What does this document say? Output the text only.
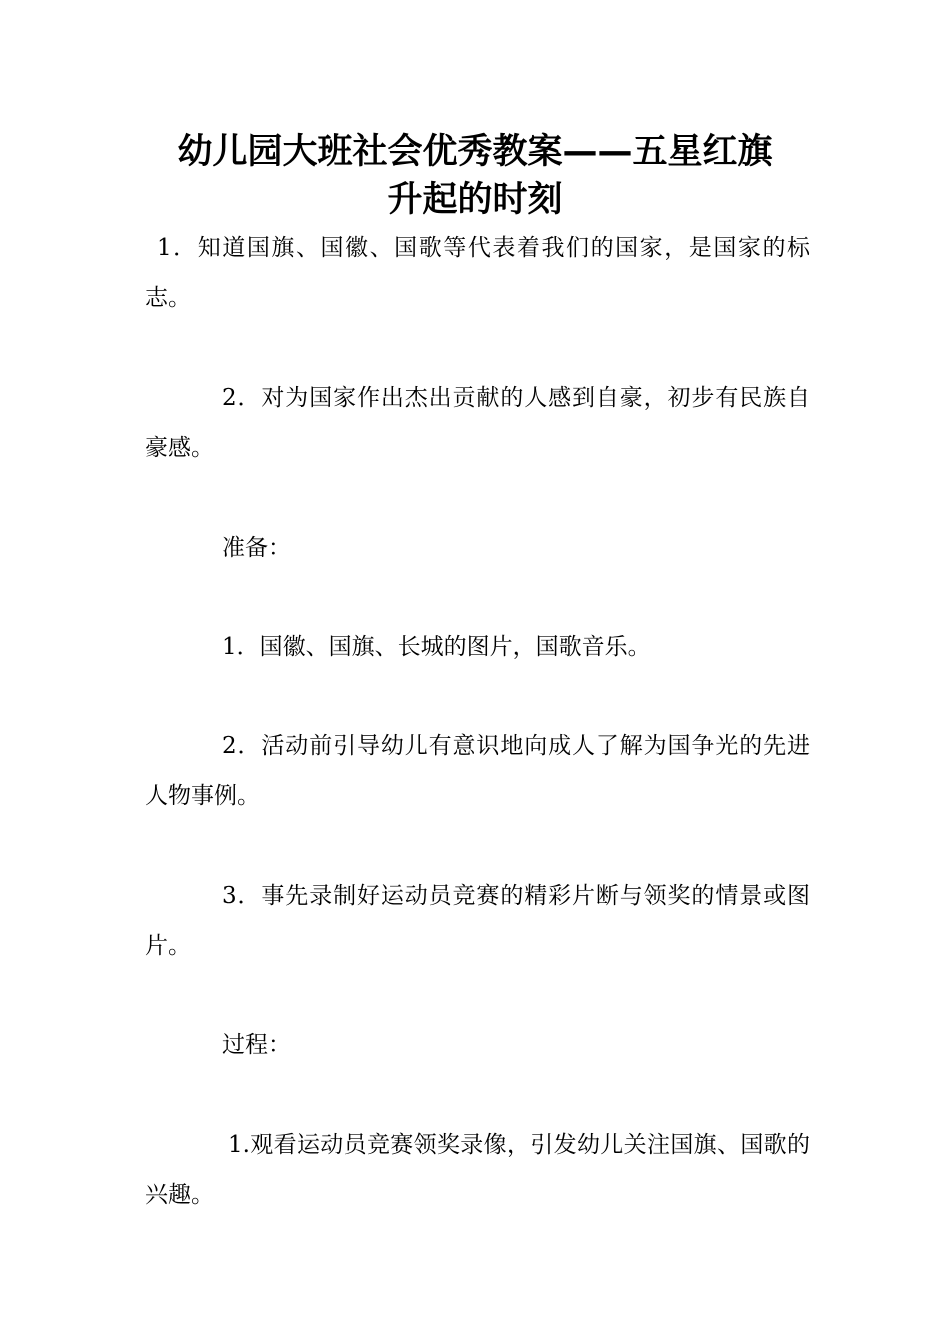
幼儿园大班社会优秀教案——五星红旗
升起的时刻

1．知道国旗、国徽、国歌等代表着我们的国家，是国家的标志。

2．对为国家作出杰出贡献的人感到自豪，初步有民族自豪感。

准备：

1．国徽、国旗、长城的图片，国歌音乐。

2．活动前引导幼儿有意识地向成人了解为国争光的先进人物事例。

3．事先录制好运动员竞赛的精彩片断与领奖的情景或图片。

过程：

1.观看运动员竞赛领奖录像，引发幼儿关注国旗、国歌的兴趣。
